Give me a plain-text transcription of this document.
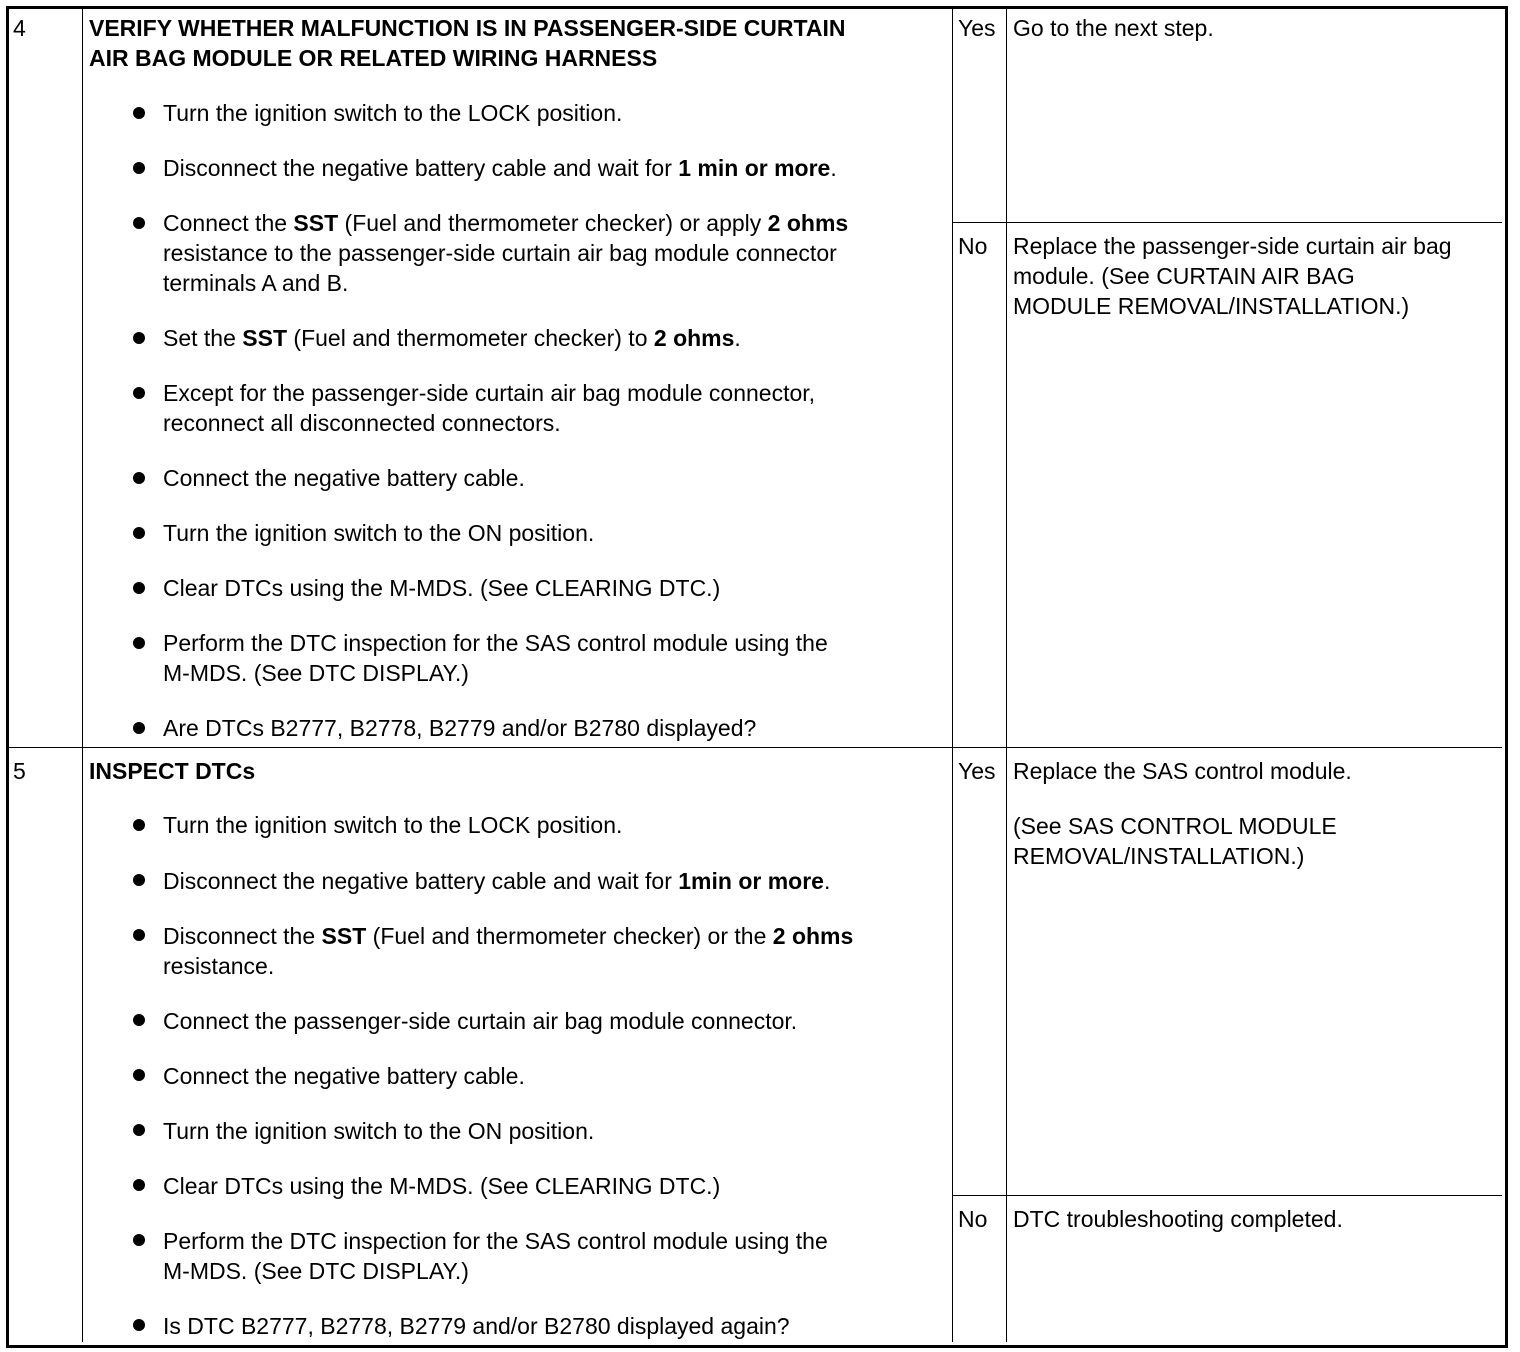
4	VERIFY WHETHER MALFUNCTION IS IN PASSENGER-SIDE CURTAIN
AIR BAG MODULE OR RELATED WIRING HARNESS
Turn the ignition switch to the LOCK position.
Disconnect the negative battery cable and wait for 1 min or more.
Connect the SST (Fuel and thermometer checker) or apply 2 ohms
resistance to the passenger-side curtain air bag module connector
terminals A and B.
Set the SST (Fuel and thermometer checker) to 2 ohms.
Except for the passenger-side curtain air bag module connector,
reconnect all disconnected connectors.
Connect the negative battery cable.
Turn the ignition switch to the ON position.
Clear DTCs using the M-MDS. (See CLEARING DTC.)
Perform the DTC inspection for the SAS control module using the
M-MDS. (See DTC DISPLAY.)
Are DTCs B2777, B2778, B2779 and/or B2780 displayed?
Yes Go to the next step.
No Replace the passenger-side curtain air bag
module. (See CURTAIN AIR BAG
MODULE REMOVAL/INSTALLATION.)
5	INSPECT DTCs
Turn the ignition switch to the LOCK position.
Disconnect the negative battery cable and wait for 1min or more.
Disconnect the SST (Fuel and thermometer checker) or the 2 ohms
resistance.
Connect the passenger-side curtain air bag module connector.
Connect the negative battery cable.
Turn the ignition switch to the ON position.
Clear DTCs using the M-MDS. (See CLEARING DTC.)
Perform the DTC inspection for the SAS control module using the
M-MDS. (See DTC DISPLAY.)
Is DTC B2777, B2778, B2779 and/or B2780 displayed again?
Yes Replace the SAS control module.
(See SAS CONTROL MODULE
REMOVAL/INSTALLATION.)
No DTC troubleshooting completed.
